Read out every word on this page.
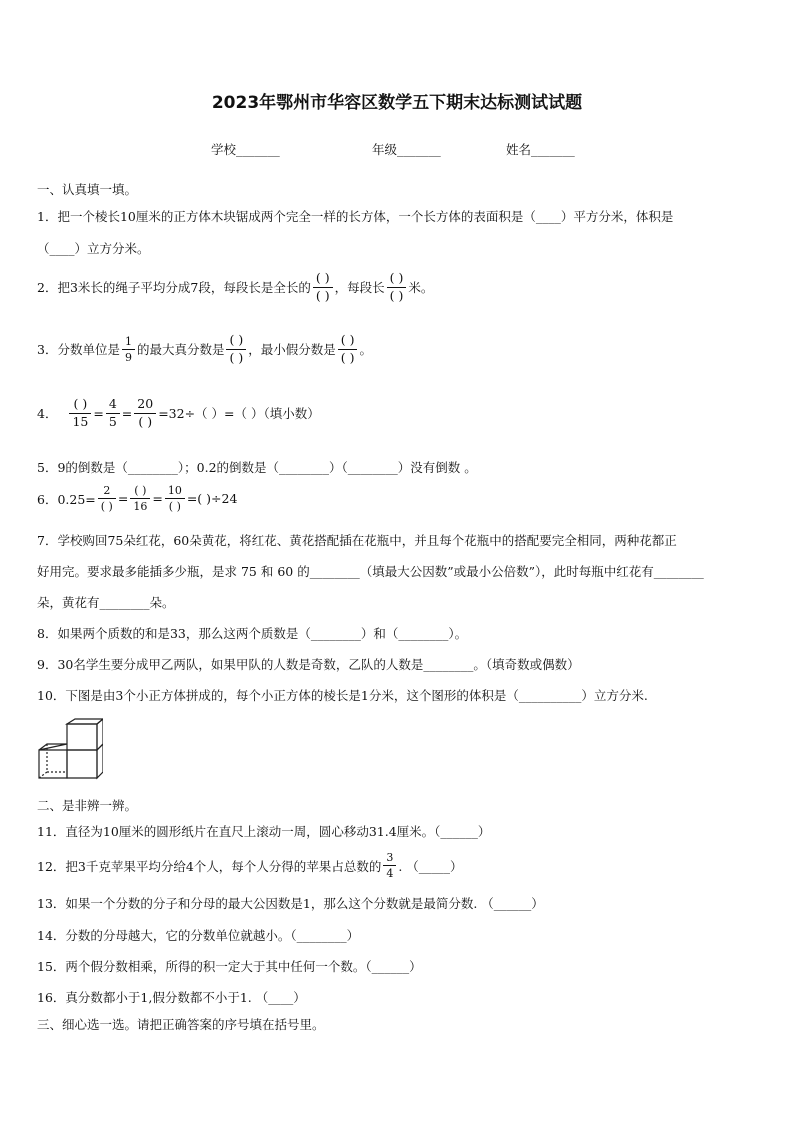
2023年鄂州市华容区数学五下期末达标测试试题
学校_______	年级_______	姓名_______
一、认真填一填。
1．把一个棱长10厘米的正方体木块锯成两个完全一样的长方体，一个长方体的表面积是（____）平方分米，体积是
（____）立方分米。
2．把3米长的绳子平均分成7段，每段长是全长的 $\frac{( )}{( )}$ ，每段长 $\frac{( )}{( )}$ 米。
3．分数单位是 $\frac{1}{9}$ 的最大真分数是 $\frac{( )}{( )}$ ，最小假分数是 $\frac{( )}{( )}$ 。
4． $\frac{( )}{15} = \frac{4}{5} = \frac{20}{( )} =32\div$（ ）=（ ）（填小数）
5．9的倒数是（________）；0.2的倒数是（________）（________）没有倒数 。
6．$0.25= \frac{2}{( )} = \frac{( )}{16} = \frac{10}{( )}$ =( )÷24
7．学校购回75朵红花，60朵黄花，将红花、黄花搭配插在花瓶中，并且每个花瓶中的搭配要完全相同，两种花都正
好用完。要求最多能插多少瓶，是求 75 和 60 的________（填最大公因数”或最小公倍数”），此时每瓶中红花有________
朵，黄花有________朵。
8．如果两个质数的和是33，那么这两个质数是（________）和（________）。
9．30名学生要分成甲乙两队，如果甲队的人数是奇数，乙队的人数是________。（填奇数或偶数）
10．下图是由3个小正方体拼成的，每个小正方体的棱长是1分米，这个图形的体积是（__________）立方分米.
二、是非辨一辨。
11．直径为10厘米的圆形纸片在直尺上滚动一周，圆心移动31.4厘米。（______）
12．把3千克苹果平均分给4个人，每个人分得的苹果占总数的 $\frac{3}{4}$ . （_____）
13．如果一个分数的分子和分母的最大公因数是1，那么这个分数就是最简分数. （______）
14．分数的分母越大，它的分数单位就越小。（________）
15．两个假分数相乘，所得的积一定大于其中任何一个数。（______）
16．真分数都小于1,假分数都不小于1. （____）
三、细心选一选。请把正确答案的序号填在括号里。
